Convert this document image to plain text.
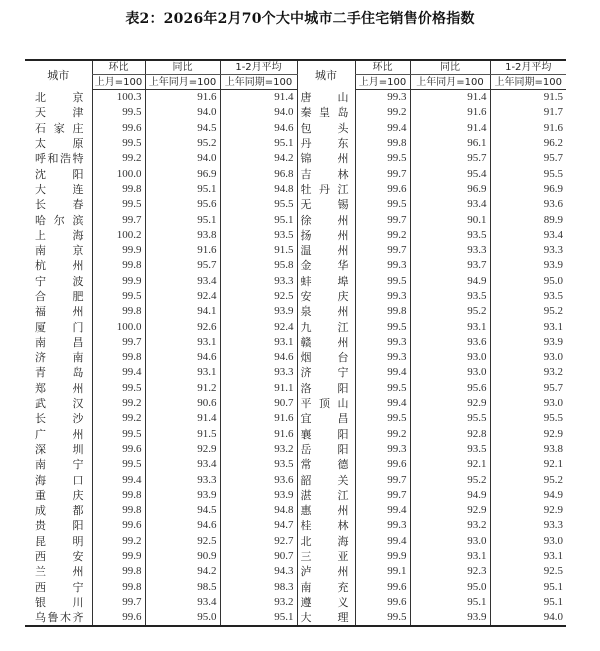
表2：2026年2月70个大中城市二手住宅销售价格指数
城市	环比	同比	1-2月平均	城市	环比	同比	1-2月平均
	上月=100	上年同月=100	上年同期=100		上月=100	上年同月=100	上年同期=100
北京	100.3	91.6	91.4	唐山	99.3	91.4	91.5
天津	99.5	94.0	94.0	秦皇岛	99.2	91.6	91.7
石家庄	99.6	94.5	94.6	包头	99.4	91.4	91.6
太原	99.5	95.2	95.1	丹东	99.8	96.1	96.2
呼和浩特	99.2	94.0	94.2	锦州	99.5	95.7	95.7
沈阳	100.0	96.9	96.8	吉林	99.7	95.4	95.5
大连	99.8	95.1	94.8	牡丹江	99.6	96.9	96.9
长春	99.5	95.6	95.5	无锡	99.5	93.4	93.6
哈尔滨	99.7	95.1	95.1	徐州	99.7	90.1	89.9
上海	100.2	93.8	93.5	扬州	99.2	93.5	93.4
南京	99.9	91.6	91.5	温州	99.7	93.3	93.3
杭州	99.8	95.7	95.8	金华	99.3	93.7	93.9
宁波	99.9	93.4	93.3	蚌埠	99.5	94.9	95.0
合肥	99.5	92.4	92.5	安庆	99.3	93.5	93.5
福州	99.8	94.1	93.9	泉州	99.8	95.2	95.2
厦门	100.0	92.6	92.4	九江	99.5	93.1	93.1
南昌	99.7	93.1	93.1	赣州	99.3	93.6	93.9
济南	99.8	94.6	94.6	烟台	99.3	93.0	93.0
青岛	99.4	93.1	93.3	济宁	99.4	93.0	93.2
郑州	99.5	91.2	91.1	洛阳	99.5	95.6	95.7
武汉	99.2	90.6	90.7	平顶山	99.4	92.9	93.0
长沙	99.2	91.4	91.6	宜昌	99.5	95.5	95.5
广州	99.5	91.5	91.6	襄阳	99.2	92.8	92.9
深圳	99.6	92.9	93.2	岳阳	99.3	93.5	93.8
南宁	99.5	93.4	93.5	常德	99.6	92.1	92.1
海口	99.4	93.3	93.6	韶关	99.7	95.2	95.2
重庆	99.8	93.9	93.9	湛江	99.7	94.9	94.9
成都	99.8	94.5	94.8	惠州	99.4	92.9	92.9
贵阳	99.6	94.6	94.7	桂林	99.3	93.2	93.3
昆明	99.2	92.5	92.7	北海	99.4	93.0	93.0
西安	99.9	90.9	90.7	三亚	99.9	93.1	93.1
兰州	99.8	94.2	94.3	泸州	99.1	92.3	92.5
西宁	99.8	98.5	98.3	南充	99.6	95.0	95.1
银川	99.7	93.4	93.2	遵义	99.6	95.1	95.1
乌鲁木齐	99.6	95.0	95.1	大理	99.5	93.9	94.0
